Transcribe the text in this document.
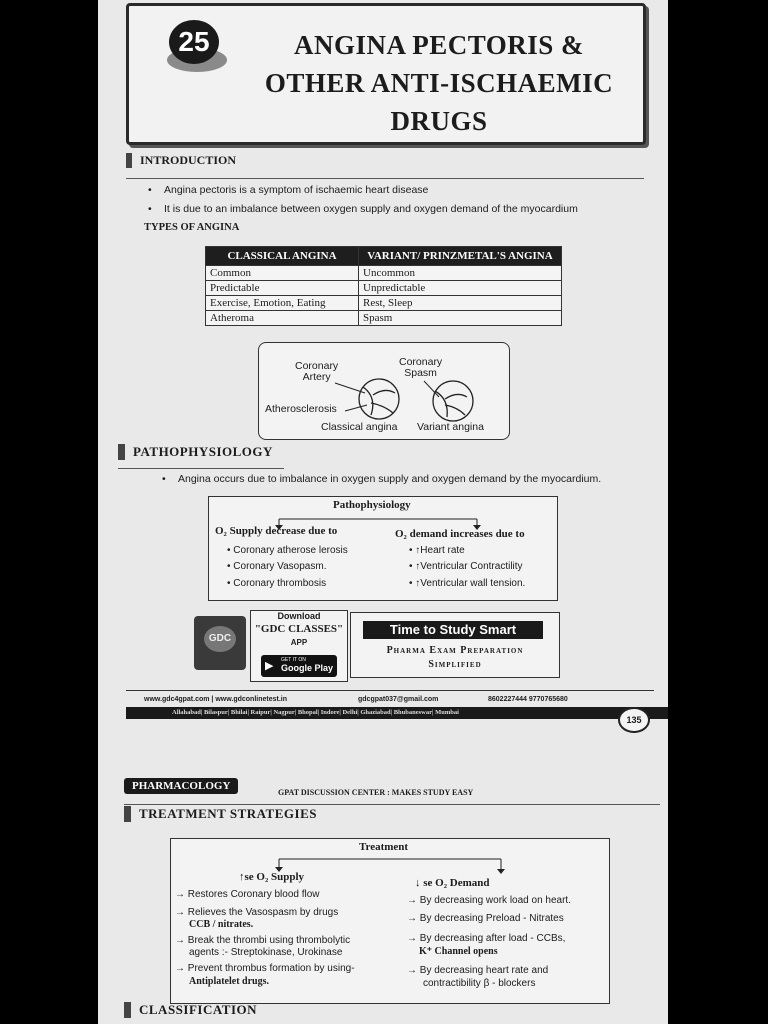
25	ANGINA PECTORIS &
OTHER ANTI-ISCHAEMIC
DRUGS
INTRODUCTION
• Angina pectoris is a symptom of ischaemic heart disease
• It is due to an imbalance between oxygen supply and oxygen demand of the myocardium
TYPES OF ANGINA
CLASSICAL ANGINA	VARIANT/ PRINZMETAL'S ANGINA
Common	Uncommon
Predictable	Unpredictable
Exercise, Emotion, Eating	Rest, Sleep
Atheroma	Spasm
Coronary
Artery
Coronary
Spasm
Atherosclerosis
Classical angina Variant angina
PATHOPHYSIOLOGY
• Angina occurs due to imbalance in oxygen supply and oxygen demand by the myocardium.
Pathophysiology
O₂ Supply decrease due to
• Coronary atherose lerosis
• Coronary Vasopasm.
• Coronary thrombosis
O₂ demand increases due to
• ↑Heart rate
• ↑Ventricular Contractility
• ↑Ventricular wall tension.
GDC
Download
"GDC CLASSES"
APP
▶ GET IT ON
Google Play
Time to Study Smart
Pharma Exam Preparation
Simplified
www.gdc4gpat.com | www.gdconlinetest.in	gdcgpat037@gmail.com	8602227444 9770765680
Allahabad| Bilaspur| Bhilai| Raipur| Nagpur| Bhopal| Indore| Delhi| Ghaziabad| Bhubaneswar| Mumbai
135
PHARMACOLOGY
GPAT DISCUSSION CENTER : MAKES STUDY EASY
TREATMENT STRATEGIES
Treatment
↑se O₂ Supply
→ Restores Coronary blood flow
→ Relieves the Vasospasm by drugs
CCB / nitrates.
→ Break the thrombi using thrombolytic
agents :- Streptokinase, Urokinase
→ Prevent thrombus formation by using-
Antiplatelet drugs.
↓ se O₂ Demand
→ By decreasing work load on heart.
→ By decreasing Preload - Nitrates
→ By decreasing after load - CCBs,
K⁺ Channel opens
→ By decreasing heart rate and
contractibility β - blockers
CLASSIFICATION
